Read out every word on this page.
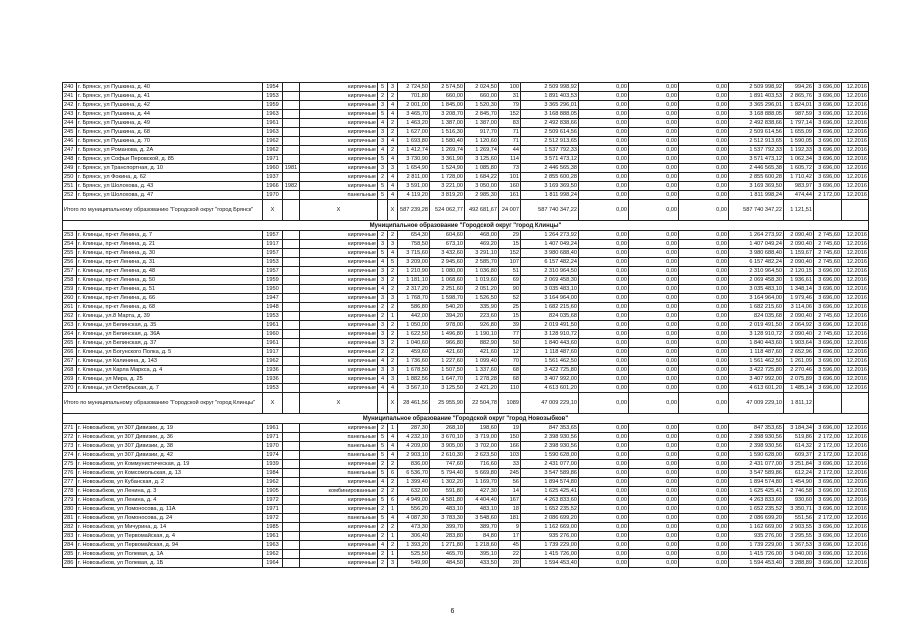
240	г. Брянск, ул Пушкина, д. 40	1954		кирпичные	5	3	2 724,50	2 574,50	2 024,50	100	2 509 998,92	0,00	0,00	0,00	2 509 998,92	994,26	3 696,00	12.2016
241	г. Брянск, ул Пушкина, д. 41	1953		кирпичные	2	2	701,80	660,00	660,00	31	1 891 403,53	0,00	0,00	0,00	1 891 403,53	2 865,76	3 696,00	12.2016
242	г. Брянск, ул Пушкина, д. 42	1959		кирпичные	3	4	2 001,00	1 845,00	1 520,30	79	3 365 296,01	0,00	0,00	0,00	3 365 296,01	1 824,01	3 696,00	12.2016
243	г. Брянск, ул Пушкина, д. 44	1963		кирпичные	5	4	3 465,70	3 208,70	2 845,70	152	3 168 888,05	0,00	0,00	0,00	3 168 888,05	987,59	3 696,00	12.2016
244	г. Брянск, ул Пушкина, д. 49	1961		кирпичные	4	2	1 463,20	1 387,00	1 387,00	83	2 492 838,66	0,00	0,00	0,00	2 492 838,66	1 797,14	3 696,00	12.2016
245	г. Брянск, ул Пушкина, д. 68	1963		кирпичные	3	2	1 627,00	1 516,30	917,70	71	2 509 614,56	0,00	0,00	0,00	2 509 614,56	1 655,09	3 696,00	12.2016
246	г. Брянск, ул Пушкина, д. 70	1962		кирпичные	3	4	1 693,80	1 580,40	1 120,60	71	2 512 913,65	0,00	0,00	0,00	2 512 913,65	1 590,05	3 696,00	12.2016
247	г. Брянск, ул Романова, д. 2А	1962		кирпичные	4	2	1 412,74	1 269,74	1 269,74	44	1 537 792,33	0,00	0,00	0,00	1 537 792,33	1 192,33	3 696,00	12.2016
248	г. Брянск, ул Софьи Перовской, д. 85	1971		кирпичные	5	4	3 730,90	3 361,90	3 125,60	114	3 571 473,12	0,00	0,00	0,00	3 571 473,12	1 062,34	3 696,00	12.2016
249	г. Брянск, ул Транспортная, д. 10	1960	1981	кирпичные	3	3	1 654,90	1 524,90	1 085,80	73	2 446 565,38	0,00	0,00	0,00	2 446 565,38	1 605,72	3 696,00	12.2016
250	г. Брянск, ул Фокина, д. 62	1937		кирпичные	2	4	2 811,00	1 728,00	1 684,22	101	2 855 600,28	0,00	0,00	0,00	2 855 600,28	1 710,42	3 696,00	12.2016
251	г. Брянск, ул Шолохова, д. 43	1966	1982	кирпичные	5	4	3 591,00	3 221,00	3 050,00	160	3 169 369,50	0,00	0,00	0,00	3 169 369,50	983,97	3 696,00	12.2016
252	г. Брянск, ул Шолохова, д. 47	1970		панельные	5	4	4 119,20	3 819,20	2 985,30	161	1 811 998,24	0,00	0,00	0,00	1 811 998,24	474,44	2 172,00	12.2016
Итого по муниципальному образованию "Городской округ "город Брянск"		X		X		X	587 239,28	524 062,77	492 681,67	24 007	587 740 347,22	0,00	0,00	0,00	587 740 347,22	1 121,51		
Муниципальное образование "Городской округ "город Клинцы"																		
253	г. Клинцы, пр-кт Ленина, д. 7	1957		кирпичные	2	2	654,30	604,60	468,00	29	1 264 273,92	0,00	0,00	0,00	1 264 273,92	2 090,40	2 745,60	12.2016
254	г. Клинцы, пр-кт Ленина, д. 21	1917		кирпичные	3	3	758,50	673,10	469,20	15	1 407 049,24	0,00	0,00	0,00	1 407 049,24	2 090,40	2 745,60	12.2016
255	г. Клинцы, пр-кт Ленина, д. 30	1957		кирпичные	5	4	3 715,60	3 432,60	3 291,10	152	3 980 688,40	0,00	0,00	0,00	3 980 688,40	1 159,67	2 745,60	12.2016
256	г. Клинцы, пр-кт Ленина, д. 31	1953		кирпичные	4	5	3 209,00	2 945,60	2 585,70	107	6 157 482,24	0,00	0,00	0,00	6 157 482,24	2 090,40	2 745,60	12.2016
257	г. Клинцы, пр-кт Ленина, д. 48	1957		кирпичные	3	2	1 210,90	1 080,00	1 036,80	51	2 310 964,50	0,00	0,00	0,00	2 310 964,50	2 120,15	3 696,00	12.2016
258	г. Клинцы, пр-кт Ленина, д. 50	1959		кирпичные	3	2	1 181,10	1 068,60	1 019,60	69	2 069 458,30	0,00	0,00	0,00	2 069 458,30	1 936,61	3 696,00	12.2016
259	г. Клинцы, пр-кт Ленина, д. 51	1950		кирпичные	4	2	2 317,20	2 251,60	2 051,20	90	3 035 483,10	0,00	0,00	0,00	3 035 483,10	1 348,14	3 696,00	12.2016
260	г. Клинцы, пр-кт Ленина, д. 66	1947		кирпичные	3	3	1 768,70	1 598,70	1 526,50	52	3 164 964,00	0,00	0,00	0,00	3 164 964,00	1 979,46	3 696,00	12.2016
261	г. Клинцы, пр-кт Ленина, д. 68	1948		кирпичные	2	2	586,80	540,20	335,90	25	1 682 215,60	0,00	0,00	0,00	1 682 215,60	3 114,06	3 696,00	12.2016
262	г. Клинцы, ул.8 Марта, д. 39	1953		кирпичные	2	1	442,00	394,20	223,60	15	824 035,68	0,00	0,00	0,00	824 035,68	2 090,40	2 745,60	12.2016
263	г. Клинцы, ул Белинская, д. 35	1961		кирпичные	3	2	1 050,00	978,00	926,80	39	2 019 491,50	0,00	0,00	0,00	2 019 491,50	2 064,92	3 696,00	12.2016
264	г. Клинцы, ул Белинская, д. 36А	1960		кирпичные	3	2	1 622,50	1 496,80	1 190,10	77	3 128 910,72	0,00	0,00	0,00	3 128 910,72	2 090,40	2 745,60	12.2016
265	г. Клинцы, ул Белинская, д. 37	1961		кирпичные	3	2	1 040,60	966,80	882,90	50	1 840 443,60	0,00	0,00	0,00	1 840 443,60	1 903,64	3 696,00	12.2016
266	г. Клинцы, ул Богунского Полка, д. 5	1917		кирпичные	2	2	459,60	421,60	421,60	12	1 118 487,60	0,00	0,00	0,00	1 118 487,60	2 652,96	3 696,00	12.2016
267	г. Клинцы, ул Калинина, д. 143	1962		кирпичные	4	2	1 736,60	1 227,60	1 099,40	70	1 561 462,50	0,00	0,00	0,00	1 561 462,50	1 261,09	3 696,00	12.2016
268	г. Клинцы, ул Карла Маркса, д. 4	1936		кирпичные	3	3	1 678,50	1 507,50	1 337,60	68	3 422 725,80	0,00	0,00	0,00	3 422 725,80	2 270,46	3 596,00	12.2016
269	г. Клинцы, ул Мира, д. 25	1936		кирпичные	4	3	1 882,56	1 647,70	1 278,28	68	3 407 992,00	0,00	0,00	0,00	3 407 992,00	2 075,89	3 696,00	12.2016
270	г. Клинцы, ул Октябрьская, д. 7	1953		кирпичные	4	4	3 567,10	3 125,50	2 421,20	110	4 613 601,20	0,00	0,00	0,00	4 613 601,20	1 485,14	3 696,00	12.2016
Итого по муниципальному образованию "Городской округ "город Клинцы"		X		X		X	28 461,56	25 955,90	22 504,78	1089	47 009 229,10	0,00	0,00	0,00	47 009 229,10	1 811,12		
Муниципальное образование "Городской округ "город Новозыбков"																		
271	г. Новозыбков, ул 307 Дивизии, д. 19	1961		кирпичные	2	1	287,30	268,10	198,60	19	847 353,65	0,00	0,00	0,00	847 353,65	3 184,34	3 696,00	12.2016
272	г. Новозыбков, ул 307 Дивизии, д. 36	1971		панельные	5	4	4 232,10	3 670,10	3 719,00	150	2 398 930,56	0,00	0,00	0,00	2 398 930,56	519,86	2 172,00	12.2016
273	г. Новозыбков, ул 307 Дивизии, д. 38	1970		панельные	5	4	4 209,00	3 905,00	3 702,00	166	2 398 930,56	0,00	0,00	0,00	2 398 930,56	614,32	2 172,00	12.2016
274	г. Новозыбков, ул 307 Дивизии, д. 42	1974		панельные	5	4	2 903,10	2 610,30	2 623,50	103	1 590 628,00	0,00	0,00	0,00	1 590 628,00	609,37	2 172,00	12.2016
275	г. Новозыбков, ул Коммунистическая, д. 19	1939		кирпичные	2	2	836,00	747,60	716,60	33	2 431 077,00	0,00	0,00	0,00	2 431 077,00	3 251,84	3 696,00	12.2016
276	г. Новозыбков, ул Комсомольская, д. 13	1984		панельные	5	6	6 536,70	5 794,40	5 669,80	245	3 547 589,86	0,00	0,00	0,00	3 547 589,86	612,24	2 172,00	12.2016
277	г. Новозыбков, ул Кубанская, д. 2	1962		кирпичные	4	2	1 399,40	1 302,20	1 169,70	56	1 894 574,80	0,00	0,00	0,00	1 894 574,80	1 454,90	3 696,00	12.2016
278	г. Новозыбков, ул Ленина, д. 3	1905		комбинированные	2	2	632,00	591,80	427,30	14	1 625 425,41	0,00	0,00	0,00	1 625 425,41	2 746,58	3 696,00	12.2016
279	г. Новозыбков, ул Ленина, д. 4	1972		кирпичные	5	6	4 949,00	4 581,80	4 404,40	167	4 263 833,60	0,00	0,00	0,00	4 263 833,60	930,60	3 696,00	12.2016
280	г. Новозыбков, ул Ломоносова, д. 11А	1971		кирпичные	2	1	556,20	483,10	483,10	18	1 652 235,52	0,00	0,00	0,00	1 652 235,52	3 350,71	3 696,00	12.2016
281	г. Новозыбков, ул Ломоносова, д. 24	1972		панельные	5	4	4 087,30	3 783,30	3 548,60	181	2 086 699,20	0,00	0,00	0,00	2 086 699,20	551,56	2 172,00	12.2016
282	г. Новозыбков, ул Мичурина, д. 14	1985		кирпичные	2	2	473,30	399,70	389,70	9	1 162 669,00	0,00	0,00	0,00	1 162 669,00	2 903,55	3 696,00	12.2016
283	г. Новозыбков, ул Первомайская, д. 4	1961		кирпичные	2	1	306,40	283,80	84,80	17	935 276,00	0,00	0,00	0,00	935 276,00	3 295,55	3 696,00	12.2016
284	г. Новозыбков, ул Первомайская, д. 94	1963		кирпичные	4	2	1 393,20	1 271,80	1 218,60	45	1 739 229,00	0,00	0,00	0,00	1 739 229,00	1 367,53	3 696,00	12.2016
285	г. Новозыбков, ул Полевая, д. 1А	1962		кирпичные	2	1	525,50	465,70	395,10	22	1 415 726,00	0,00	0,00	0,00	1 415 726,00	3 040,00	3 696,00	12.2016
286	г. Новозыбков, ул Полевая, д. 1Б	1964		кирпичные	2	3	549,90	484,50	433,50	20	1 594 453,40	0,00	0,00	0,00	1 594 453,40	3 288,89	3 696,00	12.2016
6
